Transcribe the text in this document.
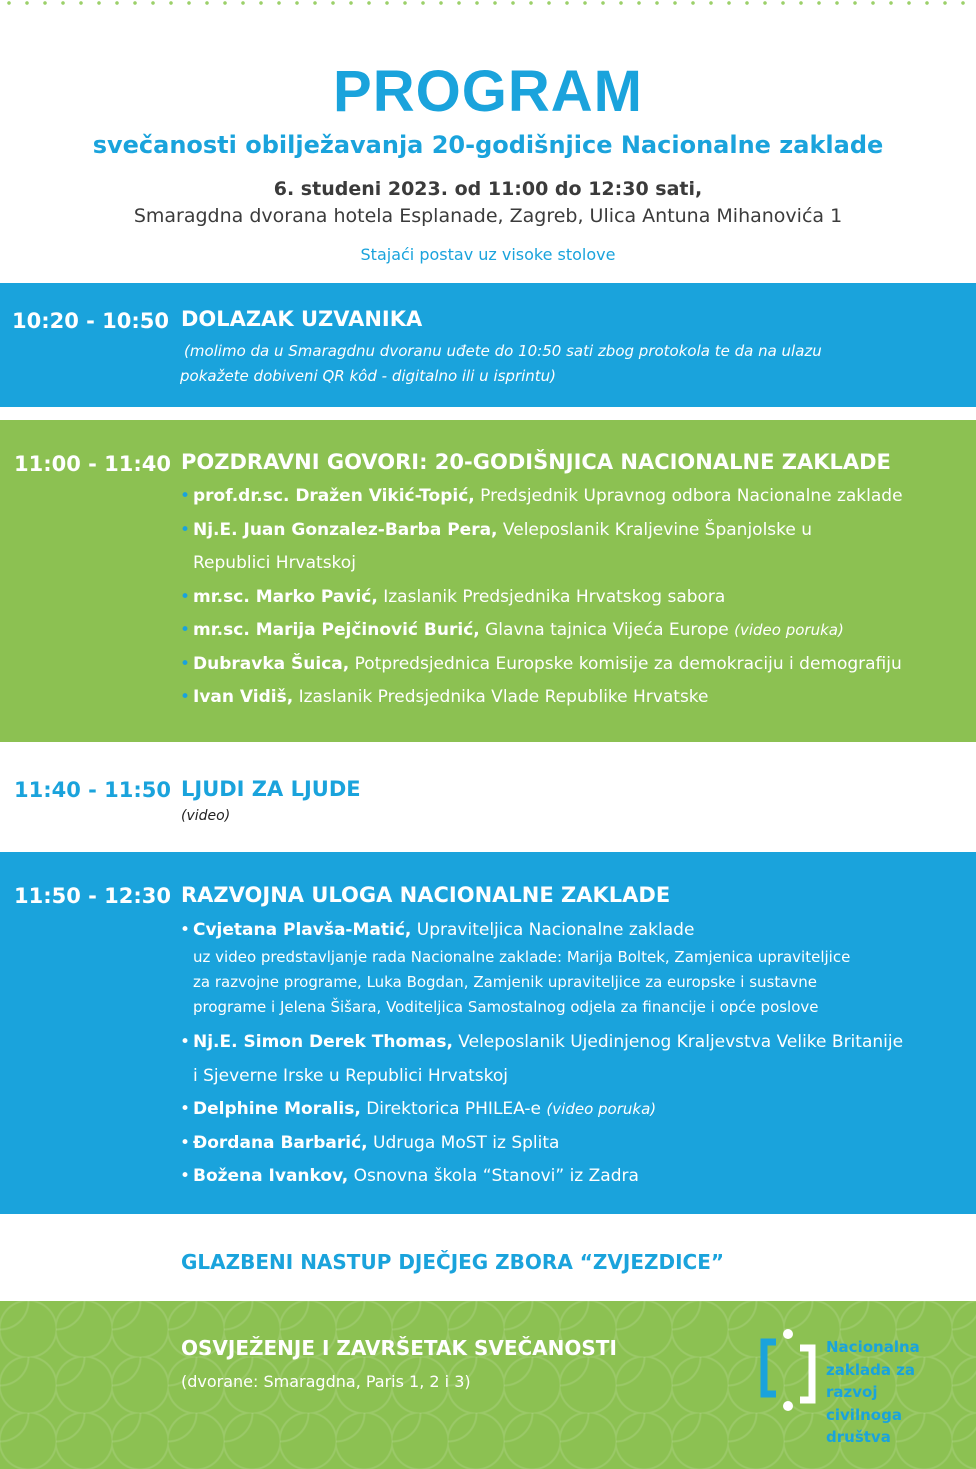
PROGRAM
svečanosti obilježavanja 20-godišnjice Nacionalne zaklade
6. studeni 2023. od 11:00 do 12:30 sati,
Smaragdna dvorana hotela Esplanade, Zagreb, Ulica Antuna Mihanovića 1
Stajaći postav uz visoke stolove
10:20 - 10:50 DOLAZAK UZVANIKA
(molimo da u Smaragdnu dvoranu uđete do 10:50 sati zbog protokola te da na ulazu
pokažete dobiveni QR kôd - digitalno ili u isprintu)
11:00 - 11:40 POZDRAVNI GOVORI: 20-GODIŠNJICA NACIONALNE ZAKLADE
• prof.dr.sc. Dražen Vikić-Topić, Predsjednik Upravnog odbora Nacionalne zaklade
• Nj.E. Juan Gonzalez-Barba Pera, Veleposlanik Kraljevine Španjolske u
Republici Hrvatskoj
• mr.sc. Marko Pavić, Izaslanik Predsjednika Hrvatskog sabora
• mr.sc. Marija Pejčinović Burić, Glavna tajnica Vijeća Europe (video poruka)
• Dubravka Šuica, Potpredsjednica Europske komisije za demokraciju i demografiju
• Ivan Vidiš, Izaslanik Predsjednika Vlade Republike Hrvatske
11:40 - 11:50 LJUDI ZA LJUDE
(video)
11:50 - 12:30 RAZVOJNA ULOGA NACIONALNE ZAKLADE
• Cvjetana Plavša-Matić, Upraviteljica Nacionalne zaklade
uz video predstavljanje rada Nacionalne zaklade: Marija Boltek, Zamjenica upraviteljice
za razvojne programe, Luka Bogdan, Zamjenik upraviteljice za europske i sustavne
programe i Jelena Šišara, Voditeljica Samostalnog odjela za financije i opće poslove
• Nj.E. Simon Derek Thomas, Veleposlanik Ujedinjenog Kraljevstva Velike Britanije
i Sjeverne Irske u Republici Hrvatskoj
• Delphine Moralis, Direktorica PHILEA-e (video poruka)
• Đordana Barbarić, Udruga MoST iz Splita
• Božena Ivankov, Osnovna škola “Stanovi” iz Zadra
GLAZBENI NASTUP DJEČJEG ZBORA “ZVJEZDICE”
OSVJEŽENJE I ZAVRŠETAK SVEČANOSTI
(dvorane: Smaragdna, Paris 1, 2 i 3)
Nacionalna
zaklada za
razvoj
civilnoga
društva
